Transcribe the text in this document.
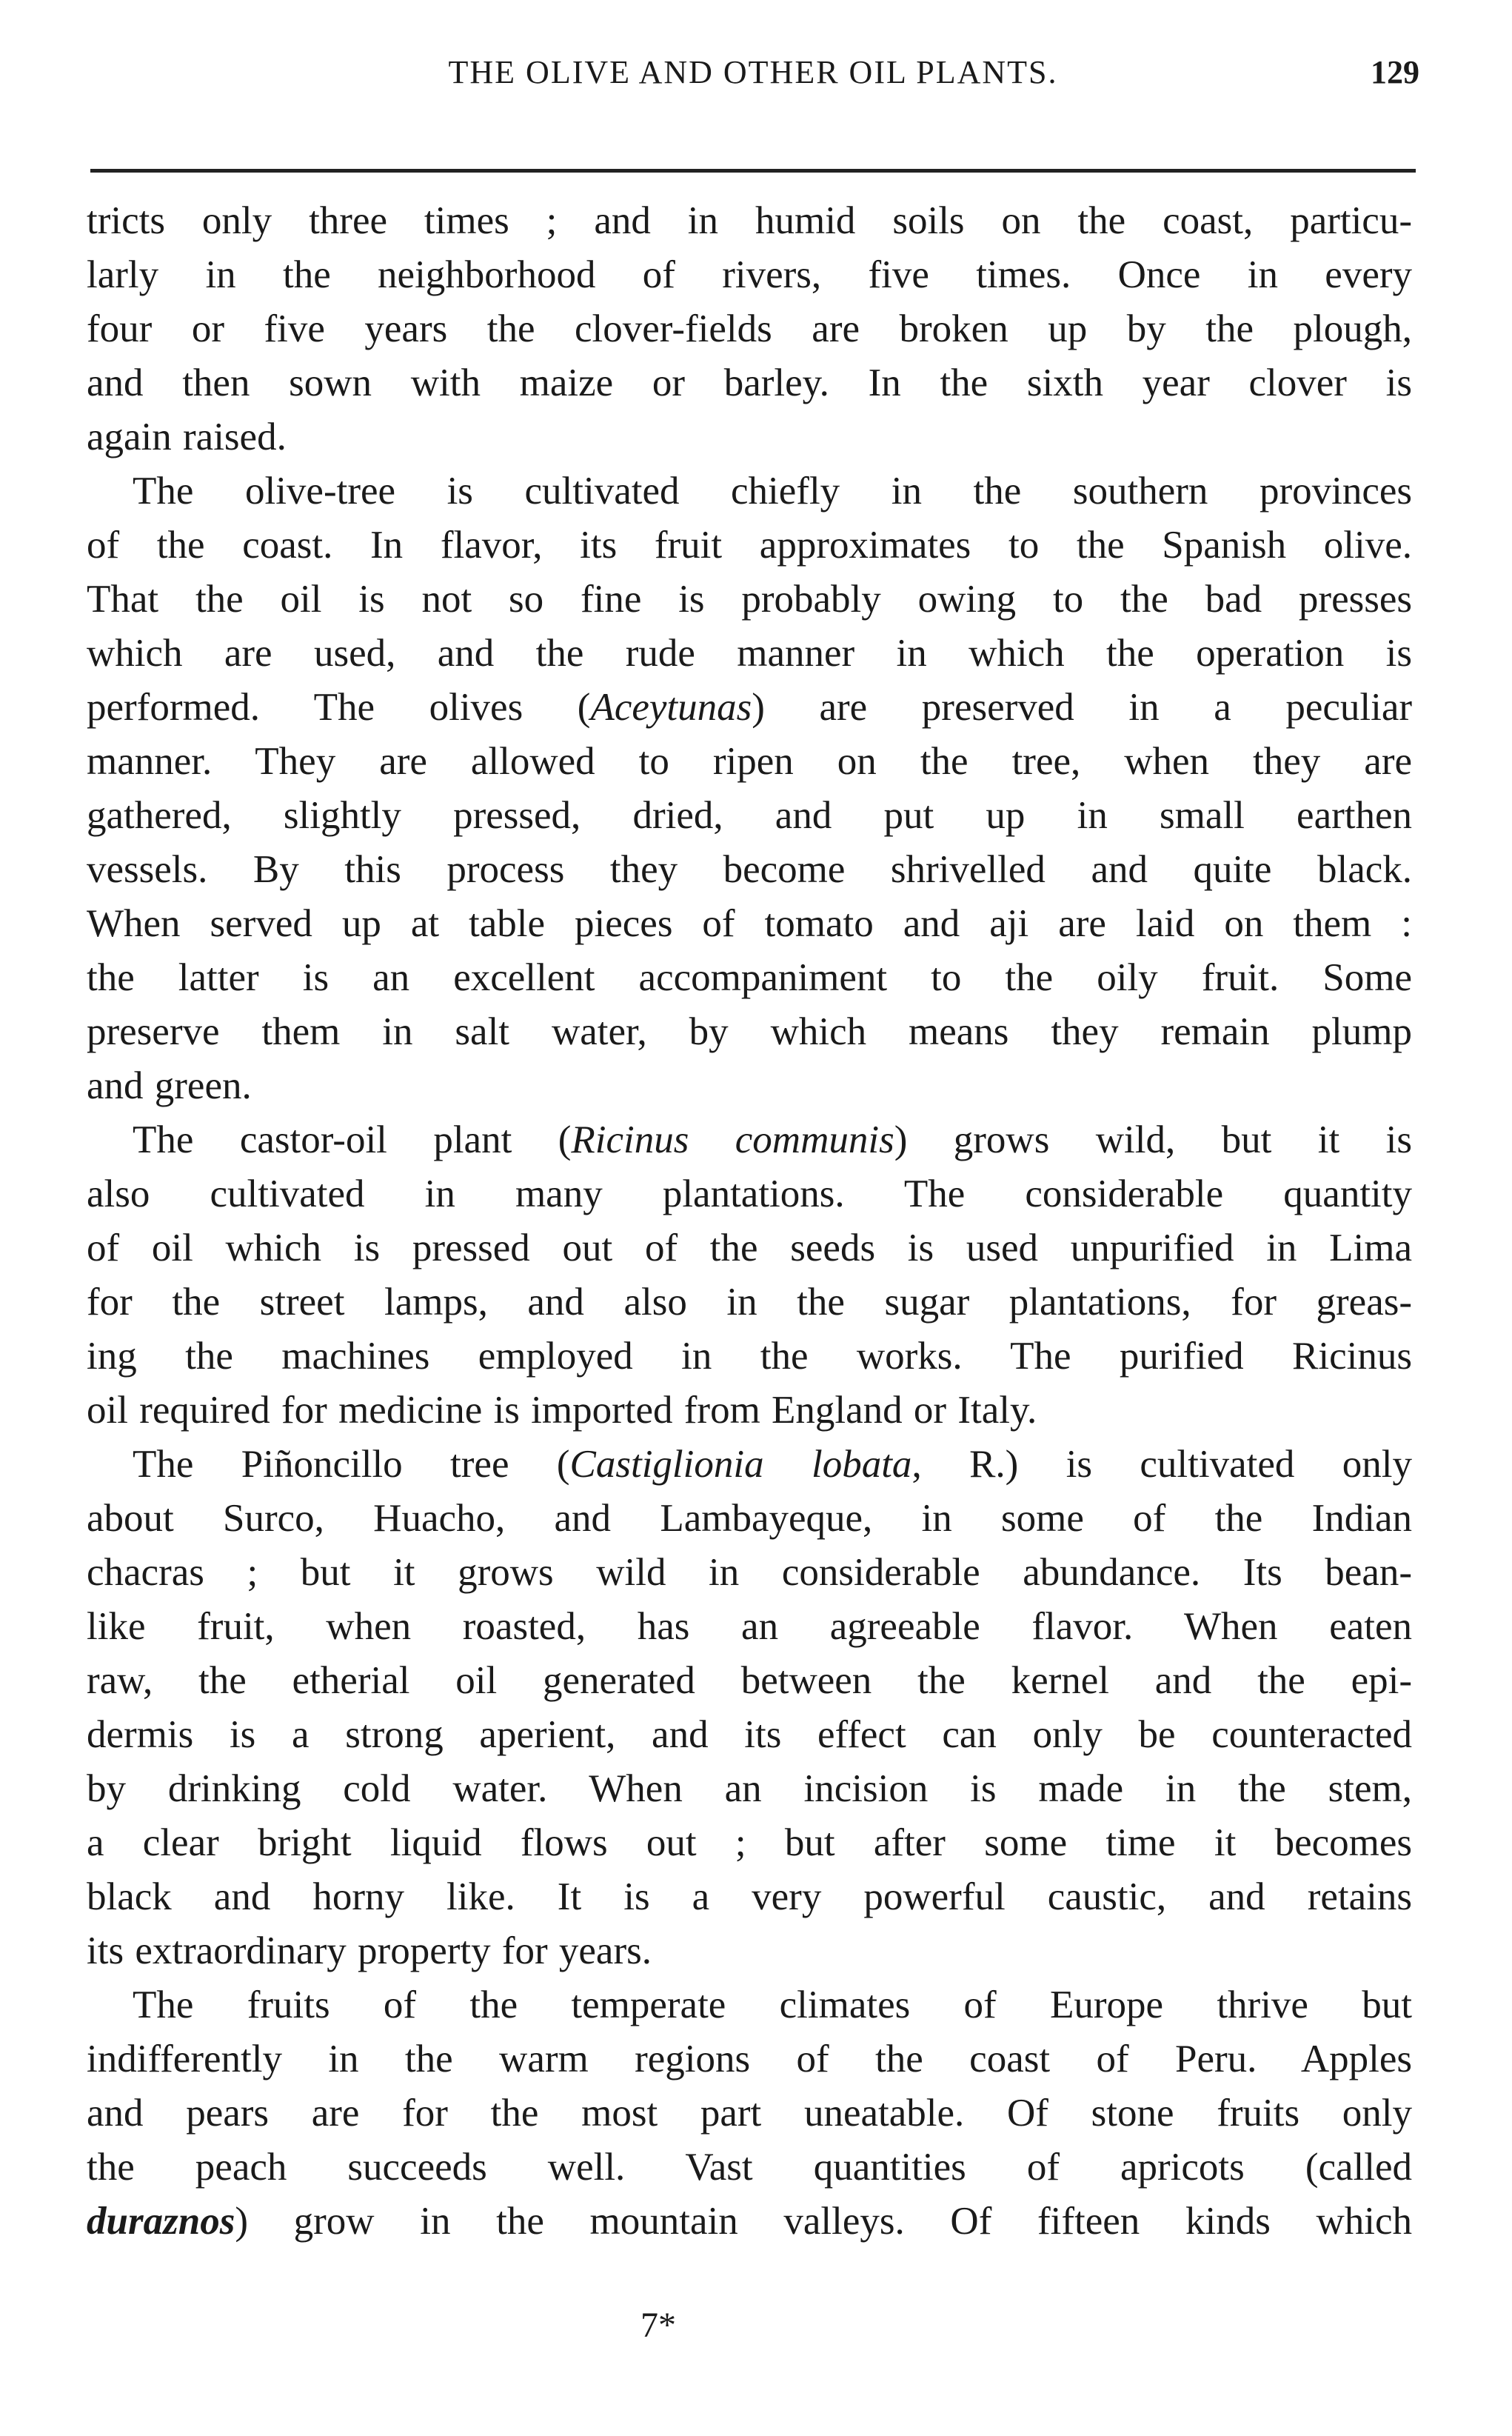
THE OLIVE AND OTHER OIL PLANTS.	129
tricts only three times ; and in humid soils on the coast, particu-
larly in the neighborhood of rivers, five times. Once in every
four or five years the clover-fields are broken up by the plough,
and then sown with maize or barley. In the sixth year clover is
again raised.
The olive-tree is cultivated chiefly in the southern provinces
of the coast. In flavor, its fruit approximates to the Spanish olive.
That the oil is not so fine is probably owing to the bad presses
which are used, and the rude manner in which the operation is
performed. The olives (Aceytunas) are preserved in a peculiar
manner. They are allowed to ripen on the tree, when they are
gathered, slightly pressed, dried, and put up in small earthen
vessels. By this process they become shrivelled and quite black.
When served up at table pieces of tomato and aji are laid on them :
the latter is an excellent accompaniment to the oily fruit. Some
preserve them in salt water, by which means they remain plump
and green.
The castor-oil plant (Ricinus communis) grows wild, but it is
also cultivated in many plantations. The considerable quantity
of oil which is pressed out of the seeds is used unpurified in Lima
for the street lamps, and also in the sugar plantations, for greas-
ing the machines employed in the works. The purified Ricinus
oil required for medicine is imported from England or Italy.
The Piñoncillo tree (Castiglionia lobata, R.) is cultivated only
about Surco, Huacho, and Lambayeque, in some of the Indian
chacras ; but it grows wild in considerable abundance. Its bean-
like fruit, when roasted, has an agreeable flavor. When eaten
raw, the etherial oil generated between the kernel and the epi-
dermis is a strong aperient, and its effect can only be counteracted
by drinking cold water. When an incision is made in the stem,
a clear bright liquid flows out ; but after some time it becomes
black and horny like. It is a very powerful caustic, and retains
its extraordinary property for years.
The fruits of the temperate climates of Europe thrive but
indifferently in the warm regions of the coast of Peru. Apples
and pears are for the most part uneatable. Of stone fruits only
the peach succeeds well. Vast quantities of apricots (called
duraznos) grow in the mountain valleys. Of fifteen kinds which
7*
